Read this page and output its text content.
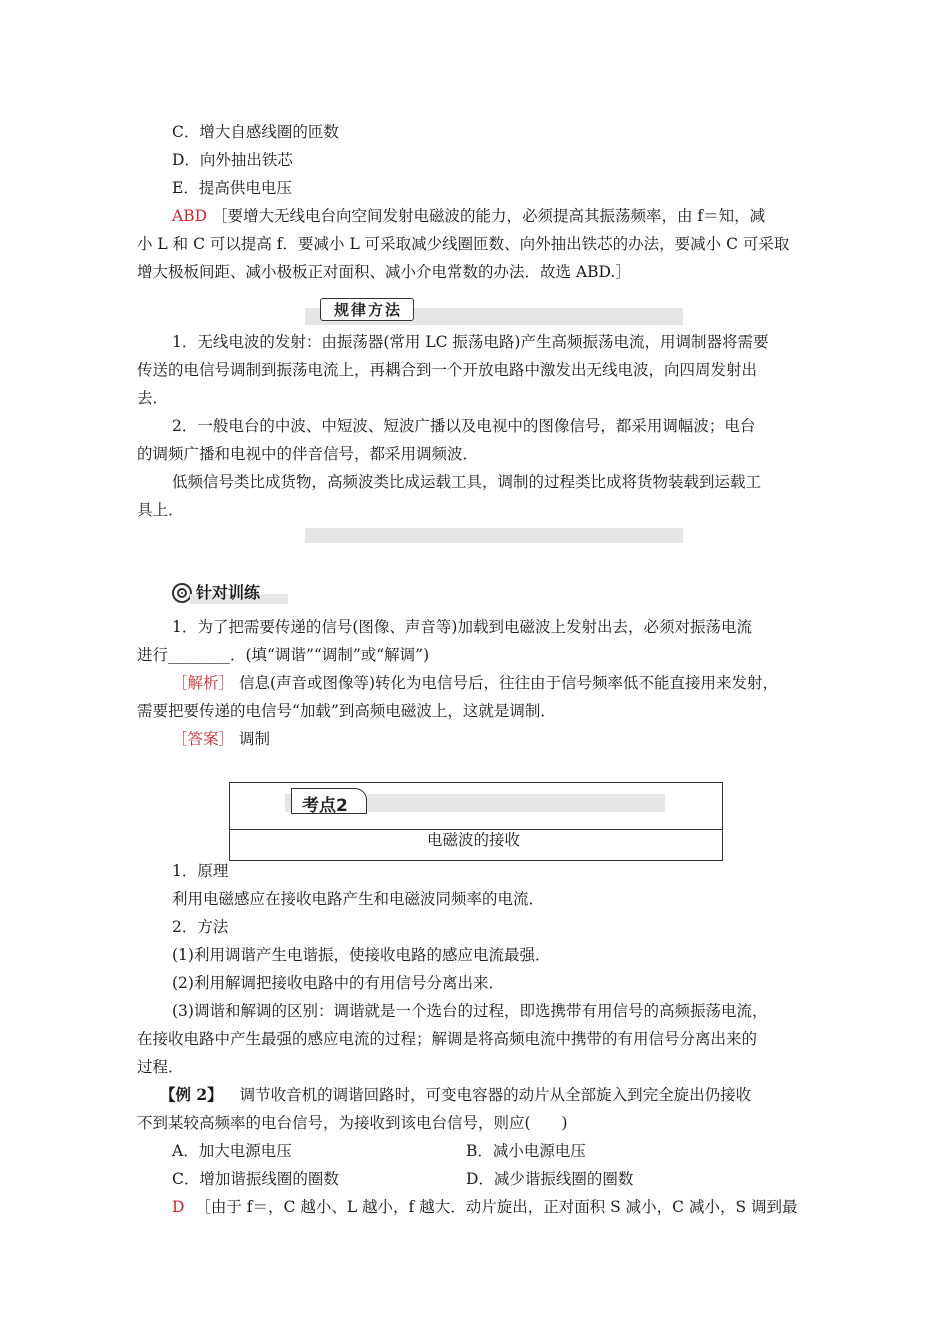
C．增大自感线圈的匝数
D．向外抽出铁芯
E．提高供电电压
ABD ［要增大无线电台向空间发射电磁波的能力，必须提高其振荡频率，由 f＝知，减
小 L 和 C 可以提高 f．要减小 L 可采取减少线圈匝数、向外抽出铁芯的办法，要减小 C 可采取
增大极板间距、减小极板正对面积、减小介电常数的办法．故选 ABD.］
规律方法
1．无线电波的发射：由振荡器(常用 LC 振荡电路)产生高频振荡电流，用调制器将需要
传送的电信号调制到振荡电流上，再耦合到一个开放电路中激发出无线电波，向四周发射出
去．
2．一般电台的中波、中短波、短波广播以及电视中的图像信号，都采用调幅波；电台
的调频广播和电视中的伴音信号，都采用调频波．
低频信号类比成货物，高频波类比成运载工具，调制的过程类比成将货物装载到运载工
具上．
针对训练
1．为了把需要传递的信号(图像、声音等)加载到电磁波上发射出去，必须对振荡电流
进行________．(填“调谐”“调制”或“解调”)
［解析］ 信息(声音或图像等)转化为电信号后，往往由于信号频率低不能直接用来发射，
需要把要传递的电信号“加载”到高频电磁波上，这就是调制．
［答案］ 调制
考点2
电磁波的接收
1．原理
利用电磁感应在接收电路产生和电磁波同频率的电流．
2．方法
(1)利用调谐产生电谐振，使接收电路的感应电流最强．
(2)利用解调把接收电路中的有用信号分离出来．
(3)调谐和解调的区别：调谐就是一个选台的过程，即选携带有用信号的高频振荡电流，
在接收电路中产生最强的感应电流的过程；解调是将高频电流中携带的有用信号分离出来的
过程．
【例 2】 调节收音机的调谐回路时，可变电容器的动片从全部旋入到完全旋出仍接收
不到某较高频率的电台信号，为接收到该电台信号，则应(　　)
A．加大电源电压	B．减小电源电压
C．增加谐振线圈的圈数	D．减少谐振线圈的圈数
D ［由于 f＝，C 越小、L 越小，f 越大．动片旋出，正对面积 S 减小，C 减小，S 调到最
